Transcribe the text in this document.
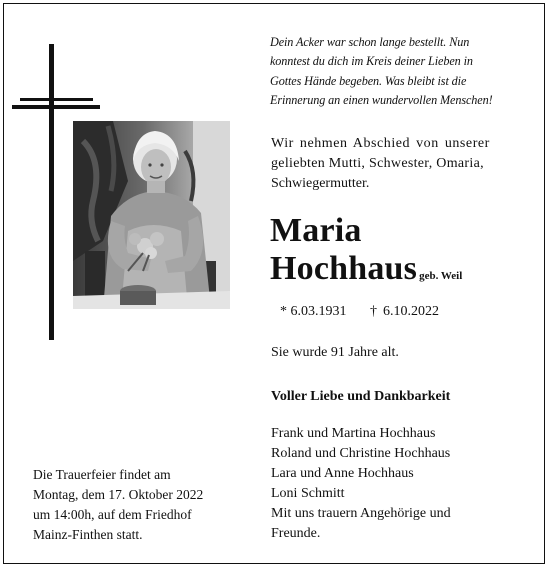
Dein Acker war schon lange bestellt. Nun
konntest du dich im Kreis deiner Lieben in
Gottes Hände begeben. Was bleibt ist die
Erinnerung an einen wundervollen Menschen!
Wir nehmen Abschied von unserer
geliebten Mutti, Schwester, Omaria,
Schwiegermutter.
Maria
Hochhaus geb. Weil
* 6.03.1931 † 6.10.2022
Sie wurde 91 Jahre alt.
Voller Liebe und Dankbarkeit
Frank und Martina Hochhaus
Roland und Christine Hochhaus
Lara und Anne Hochhaus
Loni Schmitt
Mit uns trauern Angehörige und
Freunde.
Die Trauerfeier findet am
Montag, dem 17. Oktober 2022
um 14:00h, auf dem Friedhof
Mainz-Finthen statt.
